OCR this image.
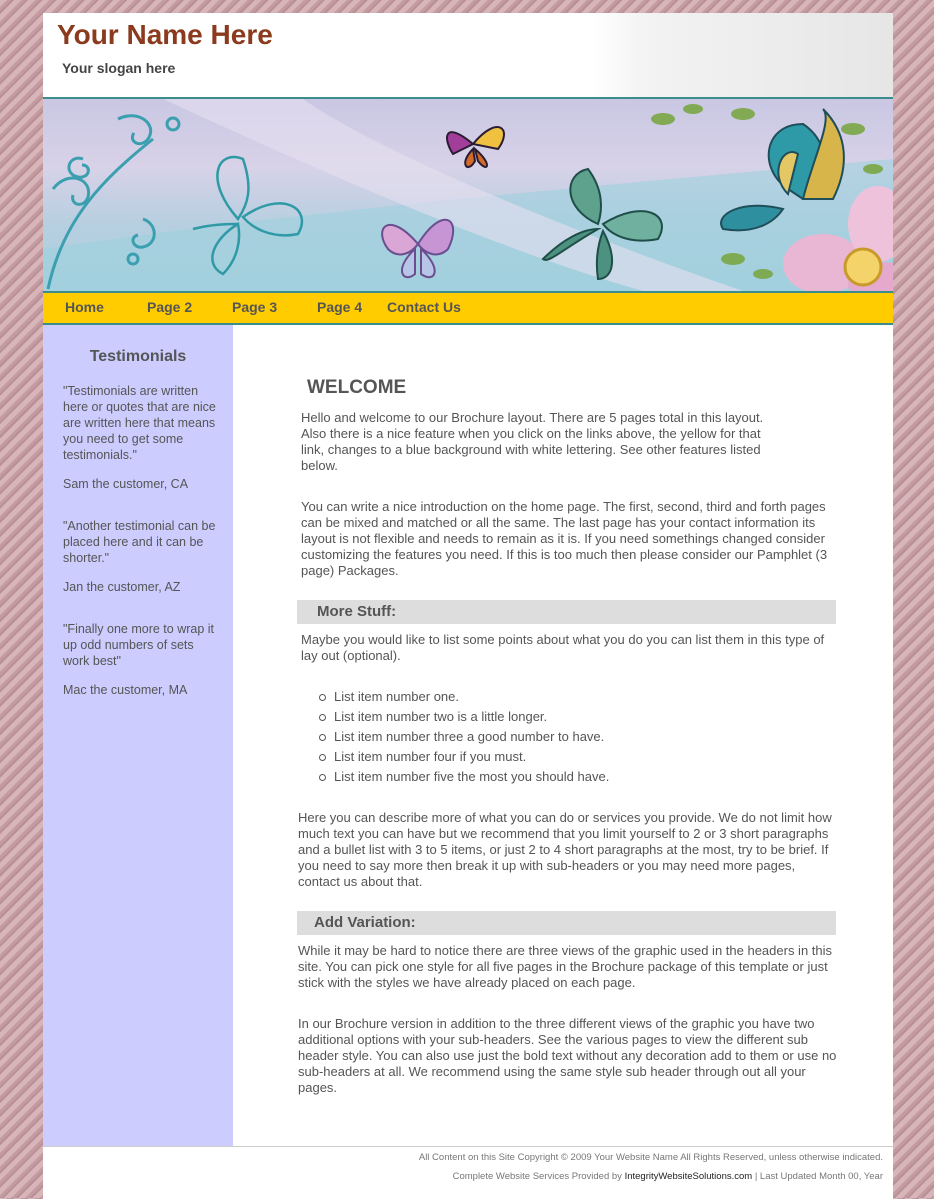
Your Name Here
Your slogan here
Home	Page 2	Page 3	Page 4 Contact Us
Testimonials
"Testimonials are written here or quotes that are nice are written here that means you need to get some testimonials."
Sam the customer, CA
"Another testimonial can be placed here and it can be shorter."
Jan the customer, AZ
"Finally one more to wrap it up odd numbers of sets work best"
Mac the customer, MA
WELCOME

Hello and welcome to our Brochure layout. There are 5 pages total in this layout. Also there is a nice feature when you click on the links above, the yellow for that link, changes to a blue background with white lettering. See other features listed below.

You can write a nice introduction on the home page. The first, second, third and forth pages can be mixed and matched or all the same. The last page has your contact information its layout is not flexible and needs to remain as it is. If you need somethings changed consider customizing the features you need. If this is too much then please consider our Pamphlet (3 page) Packages.

More Stuff:

Maybe you would like to list some points about what you do you can list them in this type of lay out (optional).

List item number one.
List item number two is a little longer.
List item number three a good number to have.
List item number four if you must.
List item number five the most you should have.

Here you can describe more of what you can do or services you provide. We do not limit how much text you can have but we recommend that you limit yourself to 2 or 3 short paragraphs and a bullet list with 3 to 5 items, or just 2 to 4 short paragraphs at the most, try to be brief. If you need to say more then break it up with sub-headers or you may need more pages, contact us about that.

Add Variation:

While it may be hard to notice there are three views of the graphic used in the headers in this site. You can pick one style for all five pages in the Brochure package of this template or just stick with the styles we have already placed on each page.

In our Brochure version in addition to the three different views of the graphic you have two additional options with your sub-headers. See the various pages to view the different sub header style. You can also use just the bold text without any decoration add to them or use no sub-headers at all. We recommend using the same style sub header through out all your pages.

All Content on this Site Copyright © 2009 Your Website Name All Rights Reserved, unless otherwise indicated.
Complete Website Services Provided by IntegrityWebsiteSolutions.com | Last Updated Month 00, Year
